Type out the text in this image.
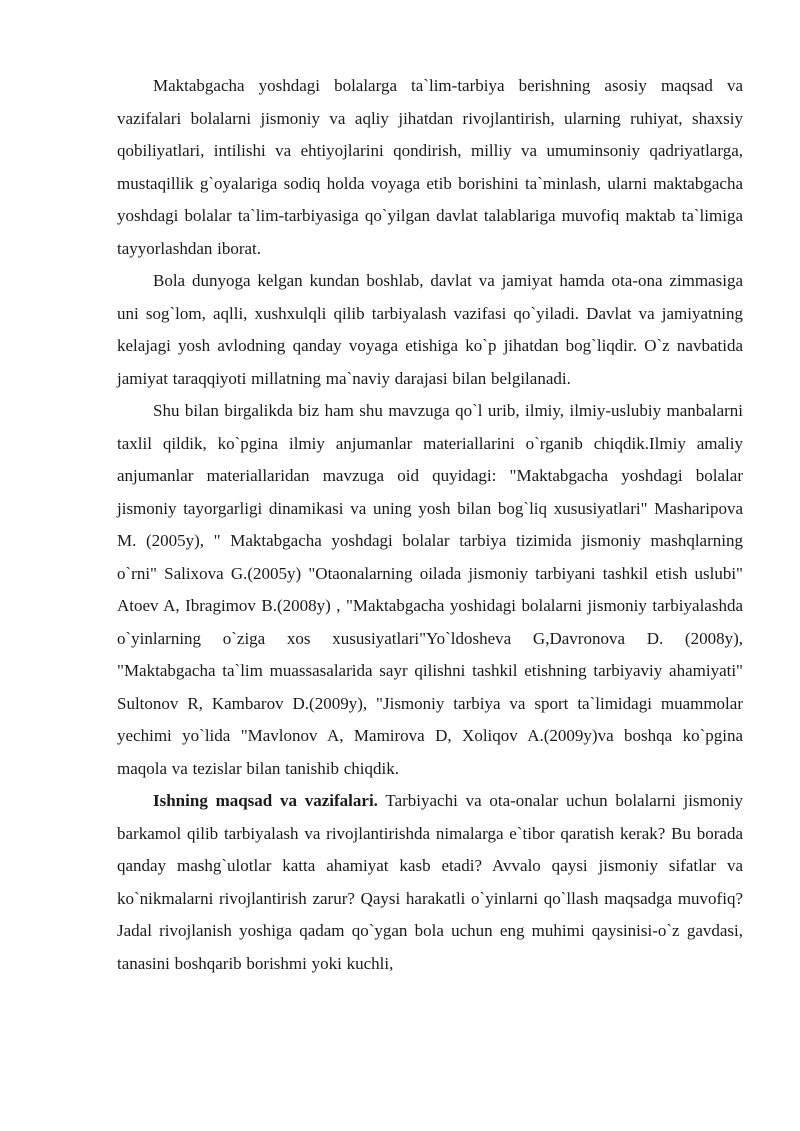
Maktabgacha yoshdagi bolalarga ta`lim-tarbiya berishning asosiy maqsad va vazifalari bolalarni jismoniy va aqliy jihatdan rivojlantirish, ularning ruhiyat, shaxsiy qobiliyatlari, intilishi va ehtiyojlarini qondirish, milliy va umuminsoniy qadriyatlarga, mustaqillik g`oyalariga sodiq holda voyaga etib borishini ta`minlash, ularni maktabgacha yoshdagi bolalar ta`lim-tarbiyasiga qo`yilgan davlat talablariga muvofiq maktab ta`limiga tayyorlashdan iborat.

Bola dunyoga kelgan kundan boshlab, davlat va jamiyat hamda ota-ona zimmasiga uni sog`lom, aqlli, xushxulqli qilib tarbiyalash vazifasi qo`yiladi. Davlat va jamiyatning kelajagi yosh avlodning qanday voyaga etishiga ko`p jihatdan bog`liqdir. O`z navbatida jamiyat taraqqiyoti millatning ma`naviy darajasi bilan belgilanadi.

Shu bilan birgalikda biz ham shu mavzuga qo`l urib, ilmiy, ilmiy-uslubiy manbalarni taxlil qildik, ko`pgina ilmiy anjumanlar materiallarini o`rganib chiqdik.Ilmiy amaliy anjumanlar materiallaridan mavzuga oid quyidagi: "Maktabgacha yoshdagi bolalar jismoniy tayorgarligi dinamikasi va uning yosh bilan bog`liq xususiyatlari" Masharipova M. (2005y), " Maktabgacha yoshdagi bolalar tarbiya tizimida jismoniy mashqlarning o`rni" Salixova G.(2005y) "Otaonalarning oilada jismoniy tarbiyani tashkil etish uslubi" Atoev A, Ibragimov B.(2008y) , "Maktabgacha yoshidagi bolalarni jismoniy tarbiyalashda o`yinlarning o`ziga xos xususiyatlari"Yo`ldosheva G,Davronova D. (2008y), "Maktabgacha ta`lim muassasalarida sayr qilishni tashkil etishning tarbiyaviy ahamiyati" Sultonov R, Kambarov D.(2009y), "Jismoniy tarbiya va sport ta`limidagi muammolar yechimi yo`lida "Mavlonov A, Mamirova D, Xoliqov A.(2009y)va boshqa ko`pgina maqola va tezislar bilan tanishib chiqdik.

Ishning maqsad va vazifalari. Tarbiyachi va ota-onalar uchun bolalarni jismoniy barkamol qilib tarbiyalash va rivojlantirishda nimalarga e`tibor qaratish kerak? Bu borada qanday mashg`ulotlar katta ahamiyat kasb etadi? Avvalo qaysi jismoniy sifatlar va ko`nikmalarni rivojlantirish zarur? Qaysi harakatli o`yinlarni qo`llash maqsadga muvofiq? Jadal rivojlanish yoshiga qadam qo`ygan bola uchun eng muhimi qaysinisi-o`z gavdasi, tanasini boshqarib borishmi yoki kuchli,
